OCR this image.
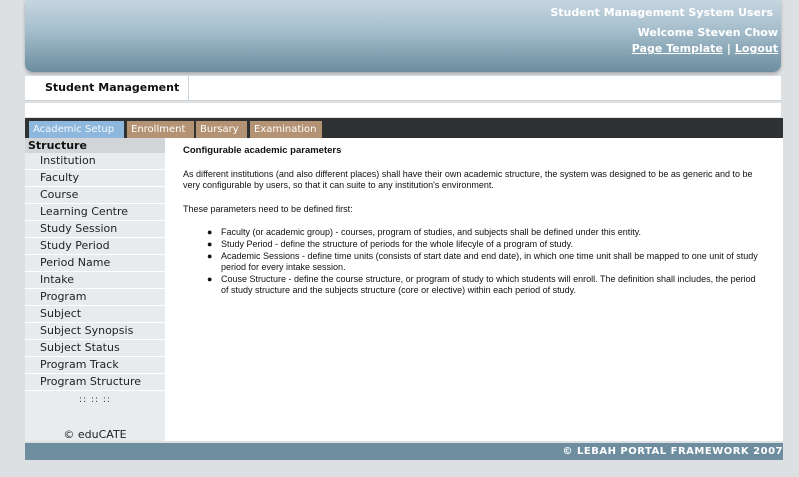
Student Management System Users
Welcome Steven Chow
Page Template | Logout
Student Management
Academic Setup	Enrollment	Bursary	Examination
Structure
Institution
Faculty
Course
Learning Centre
Study Session
Study Period
Period Name
Intake
Program
Subject
Subject Synopsis
Subject Status
Program Track
Program Structure
:: :: ::
© eduCATE
Configurable academic parameters
As different institutions (and also different places) shall have their own academic structure, the system was designed to be as generic and to be very configurable by users, so that it can suite to any institution's environment.
These parameters need to be defined first:
● Faculty (or academic group) - courses, program of studies, and subjects shall be defined under this entity.
● Study Period - define the structure of periods for the whole lifecyle of a program of study.
● Academic Sessions - define time units (consists of start date and end date), in which one time unit shall be mapped to one unit of study period for every intake session.
● Couse Structure - define the course structure, or program of study to which students will enroll. The definition shall includes, the period of study structure and the subjects structure (core or elective) within each period of study.
© LEBAH PORTAL FRAMEWORK 2007
